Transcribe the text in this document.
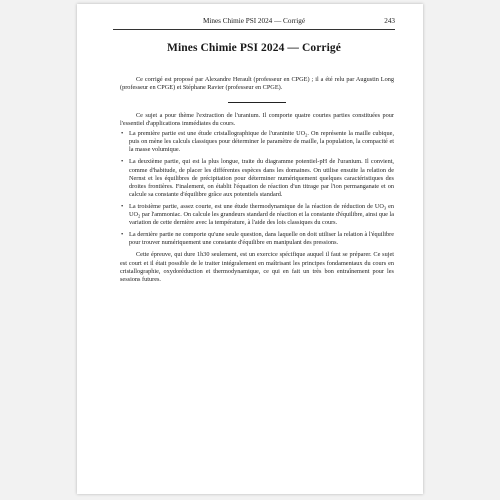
Mines Chimie PSI 2024 — Corrigé	243
Mines Chimie PSI 2024 — Corrigé

Ce corrigé est proposé par Alexandre Herault (professeur en CPGE) ; il a été relu par Augustin Long (professeur en CPGE) et Stéphane Ravier (professeur en CPGE).

Ce sujet a pour thème l'extraction de l'uranium. Il comporte quatre courtes parties constituées pour l'essentiel d'applications immédiates du cours.

• La première partie est une étude cristallographique de l'uraninite $UO_2$. On représente la maille cubique, puis on mène les calculs classiques pour déterminer le paramètre de maille, la population, la compacité et la masse volumique.
• La deuxième partie, qui est la plus longue, traite du diagramme potentiel-pH de l'uranium. Il convient, comme d'habitude, de placer les différentes espèces dans les domaines. On utilise ensuite la relation de Nernst et les équilibres de précipitation pour déterminer numériquement quelques caractéristiques des droites frontières. Finalement, on établit l'équation de réaction d'un titrage par l'ion permanganate et on calcule sa constante d'équilibre grâce aux potentiels standard.
• La troisième partie, assez courte, est une étude thermodynamique de la réaction de réduction de $UO_3$ en $UO_2$ par l'ammoniac. On calcule les grandeurs standard de réaction et la constante d'équilibre, ainsi que la variation de cette dernière avec la température, à l'aide des lois classiques du cours.
• La dernière partie ne comporte qu'une seule question, dans laquelle on doit utiliser la relation à l'équilibre pour trouver numériquement une constante d'équilibre en manipulant des pressions.

Cette épreuve, qui dure 1h30 seulement, est un exercice spécifique auquel il faut se préparer. Ce sujet est court et il était possible de le traiter intégralement en maîtrisant les principes fondamentaux du cours en cristallographie, oxydoréduction et thermodynamique, ce qui en fait un très bon entraînement pour les sessions futures.
